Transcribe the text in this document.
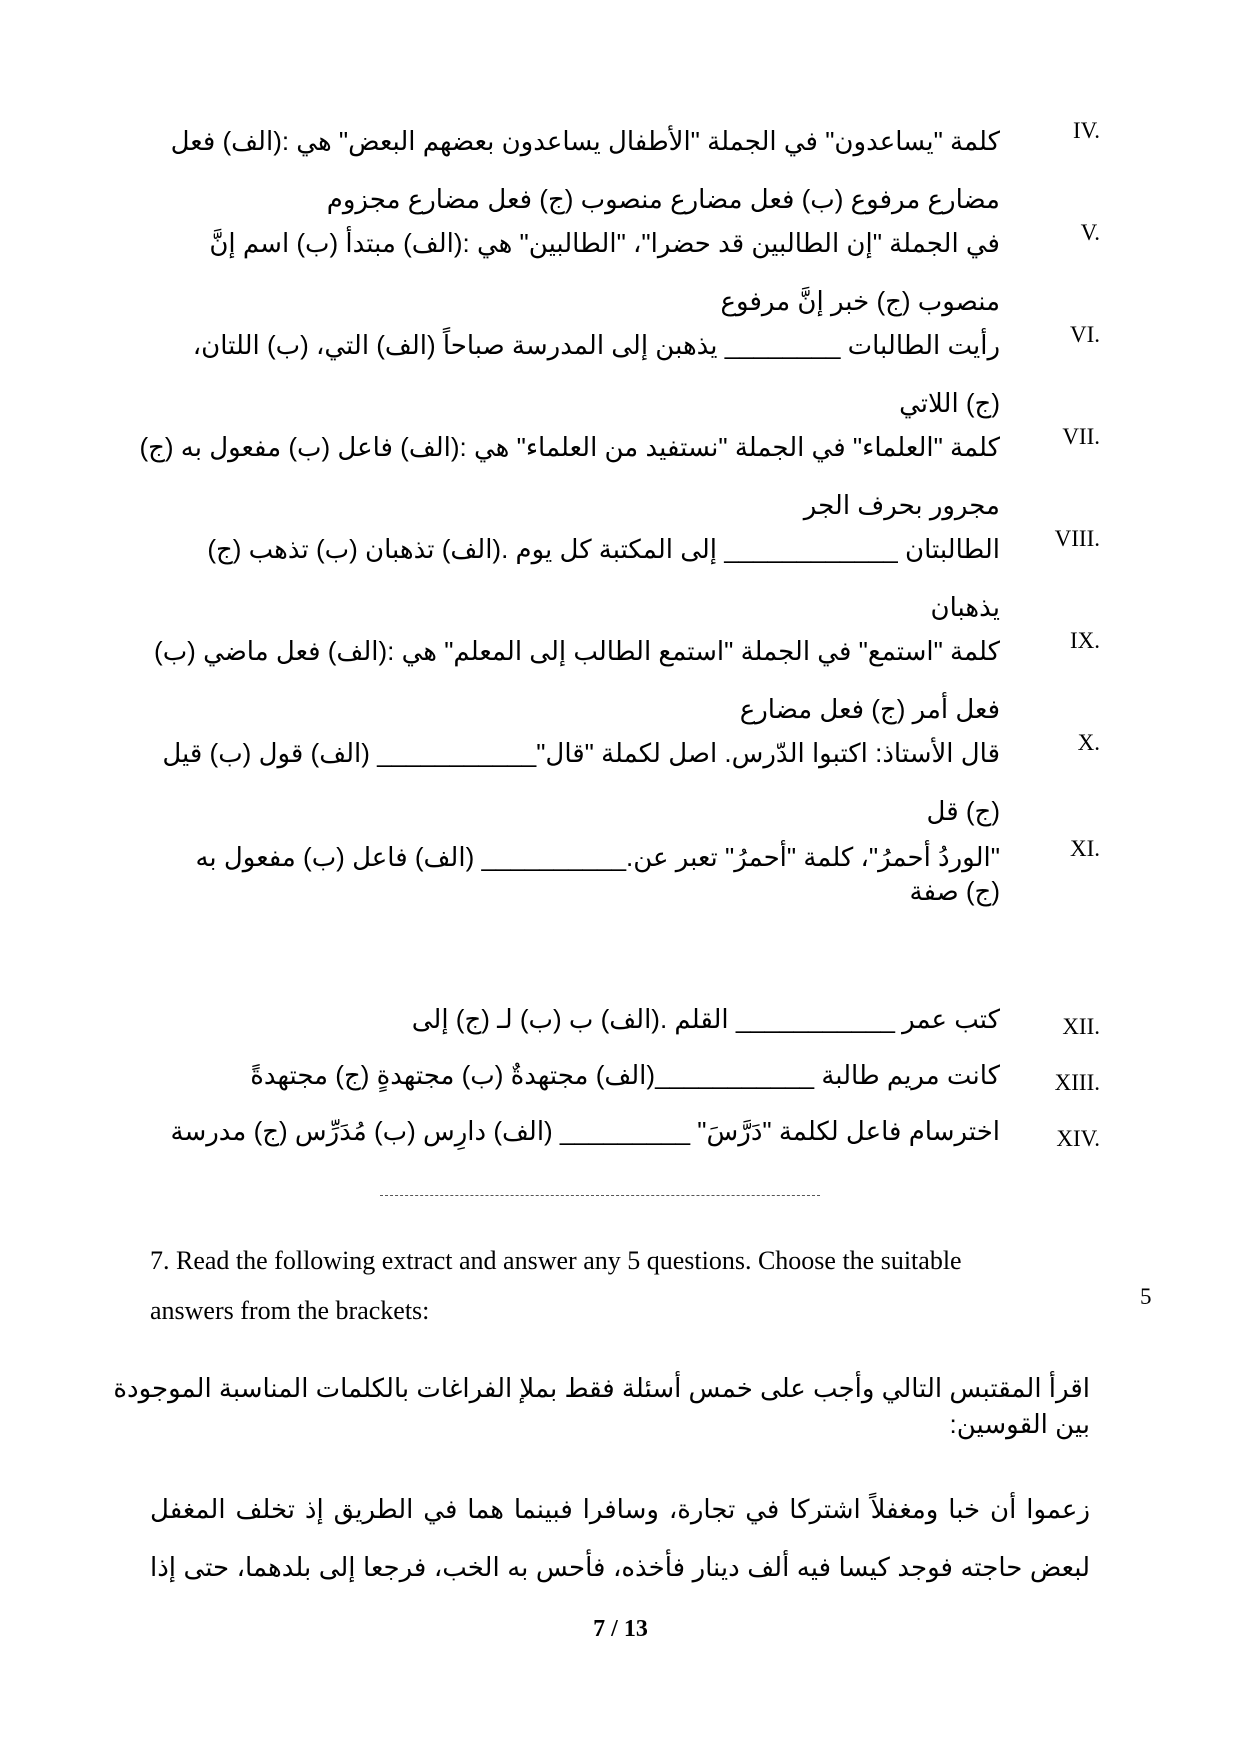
IV.
كلمة "يساعدون" في الجملة "الأطفال يساعدون بعضهم البعض" هي :(الف) فعل
مضارع مرفوع (ب) فعل مضارع منصوب (ج) فعل مضارع مجزوم
V.
في الجملة "إن الطالبين قد حضرا"، "الطالبين" هي :(الف) مبتدأ (ب) اسم إنَّ
منصوب (ج) خبر إنَّ مرفوع
VI.
رأيت الطالبات ________ يذهبن إلى المدرسة صباحاً (الف) التي، (ب) اللتان،
(ج) اللاتي
VII.
كلمة "العلماء" في الجملة "نستفيد من العلماء" هي :(الف) فاعل (ب) مفعول به (ج)
مجرور بحرف الجر
VIII.
الطالبتان ____________ إلى المكتبة كل يوم .(الف) تذهبان (ب) تذهب (ج)
يذهبان
IX.
كلمة "استمع" في الجملة "استمع الطالب إلى المعلم" هي :(الف) فعل ماضي (ب)
فعل أمر (ج) فعل مضارع
X.
قال الأستاذ: اكتبوا الدّرس. اصل لكملة "قال"___________ (الف) قول (ب) قيل
(ج) قل
XI.
"الوردُ أحمرُ"، كلمة "أحمرُ" تعبر عن.__________ (الف) فاعل (ب) مفعول به
(ج) صفة
XII.
كتب عمر ___________ القلم .(الف) ب (ب) لـ (ج) إلى
XIII.
كانت مريم طالبة ___________(الف) مجتهدةٌ (ب) مجتهدةٍ (ج) مجتهدةً
XIV.
اخترسام فاعل لكلمة "دَرَّسَ" _________ (الف) دارِس (ب) مُدَرِّس (ج) مدرسة
7. Read the following extract and answer any 5 questions. Choose the suitable
answers from the brackets:	5
اقرأ المقتبس التالي وأجب على خمس أسئلة فقط بملإ الفراغات بالكلمات المناسبة الموجودة
بين القوسين:
زعموا أن خبا ومغفلاً اشتركا في تجارة، وسافرا فبينما هما في الطريق إذ تخلف المغفل
لبعض حاجته فوجد كيسا فيه ألف دينار فأخذه، فأحس به الخب، فرجعا إلى بلدهما، حتى إذا
7 / 13
